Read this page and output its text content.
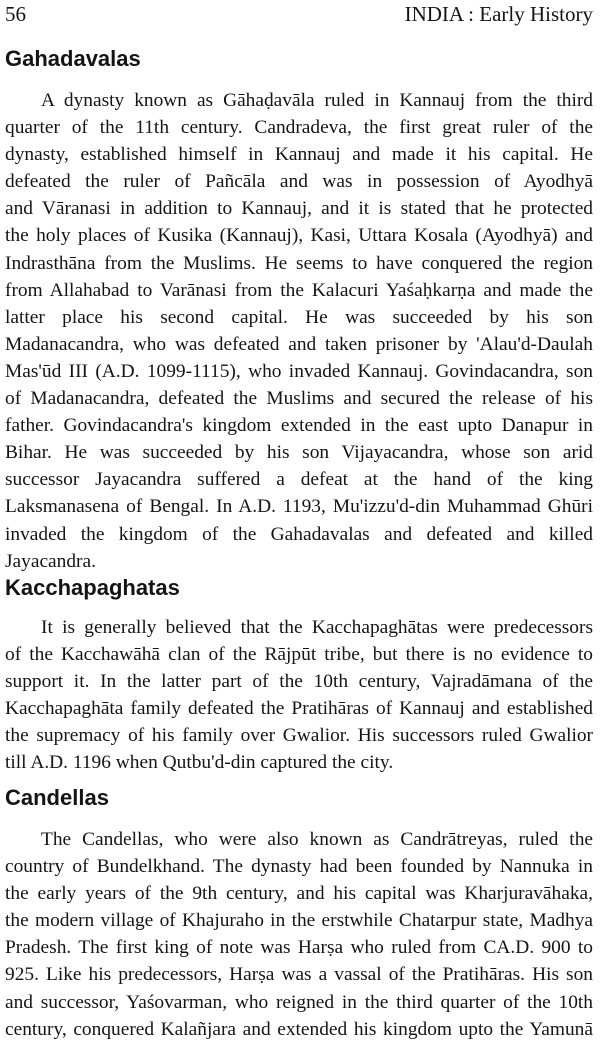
56	INDIA : Early History
Gahadavalas
A dynasty known as Gāhaḍavāla ruled in Kannauj from the third
quarter of the 11th century. Candradeva, the first great ruler of the
dynasty, established himself in Kannauj and made it his capital. He
defeated the ruler of Pañcāla and was in possession of Ayodhyā
and Vāranasi in addition to Kannauj, and it is stated that he protected
the holy places of Kusika (Kannauj), Kasi, Uttara Kosala (Ayodhyā) and
Indrasthāna from the Muslims. He seems to have conquered the region
from Allahabad to Varānasi from the Kalacuri Yaśaḥkarṇa and made the
latter place his second capital. He was succeeded by his son
Madanacandra, who was defeated and taken prisoner by 'Alau'd-Daulah
Mas'ūd III (A.D. 1099-1115), who invaded Kannauj. Govindacandra, son
of Madanacandra, defeated the Muslims and secured the release of his
father. Govindacandra's kingdom extended in the east upto Danapur in
Bihar. He was succeeded by his son Vijayacandra, whose son arid
successor Jayacandra suffered a defeat at the hand of the king
Laksmanasena of Bengal. In A.D. 1193, Mu'izzu'd-din Muhammad Ghūri
invaded the kingdom of the Gahadavalas and defeated and killed
Jayacandra.
Kacchapaghatas
It is generally believed that the Kacchapaghātas were predecessors
of the Kacchawāhā clan of the Rājpūt tribe, but there is no evidence to
support it. In the latter part of the 10th century, Vajradāmana of the
Kacchapaghāta family defeated the Pratihāras of Kannauj and established
the supremacy of his family over Gwalior. His successors ruled Gwalior
till A.D. 1196 when Qutbu'd-din captured the city.
Candellas
The Candellas, who were also known as Candrātreyas, ruled the
country of Bundelkhand. The dynasty had been founded by Nannuka in
the early years of the 9th century, and his capital was Kharjuravāhaka,
the modern village of Khajuraho in the erstwhile Chatarpur state, Madhya
Pradesh. The first king of note was Harṣa who ruled from CA.D. 900 to
925. Like his predecessors, Harṣa was a vassal of the Pratihāras. His son
and successor, Yaśovarman, who reigned in the third quarter of the 10th
century, conquered Kalañjara and extended his kingdom upto the Yamunā
